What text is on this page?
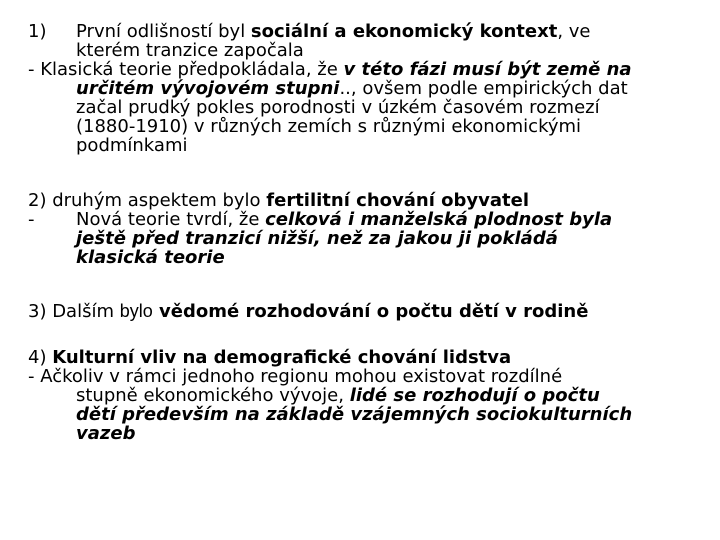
1) První odlišností byl sociální a ekonomický kontext, ve
kterém tranzice započala
- Klasická teorie předpokládala, že v této fázi musí být země na
určitém vývojovém stupni.., ovšem podle empirických dat
začal prudký pokles porodnosti v úzkém časovém rozmezí
(1880-1910) v různých zemích s různými ekonomickými
podmínkami
2) druhým aspektem bylo fertilitní chování obyvatel
- Nová teorie tvrdí, že celková i manželská plodnost byla
ještě před tranzicí nižší, než za jakou ji pokládá
klasická teorie
3) Dalším bylo vědomé rozhodování o počtu dětí v rodině
4) Kulturní vliv na demografické chování lidstva
- Ačkoliv v rámci jednoho regionu mohou existovat rozdílné
stupně ekonomického vývoje, lidé se rozhodují o počtu
dětí především na základě vzájemných sociokulturních
vazeb
